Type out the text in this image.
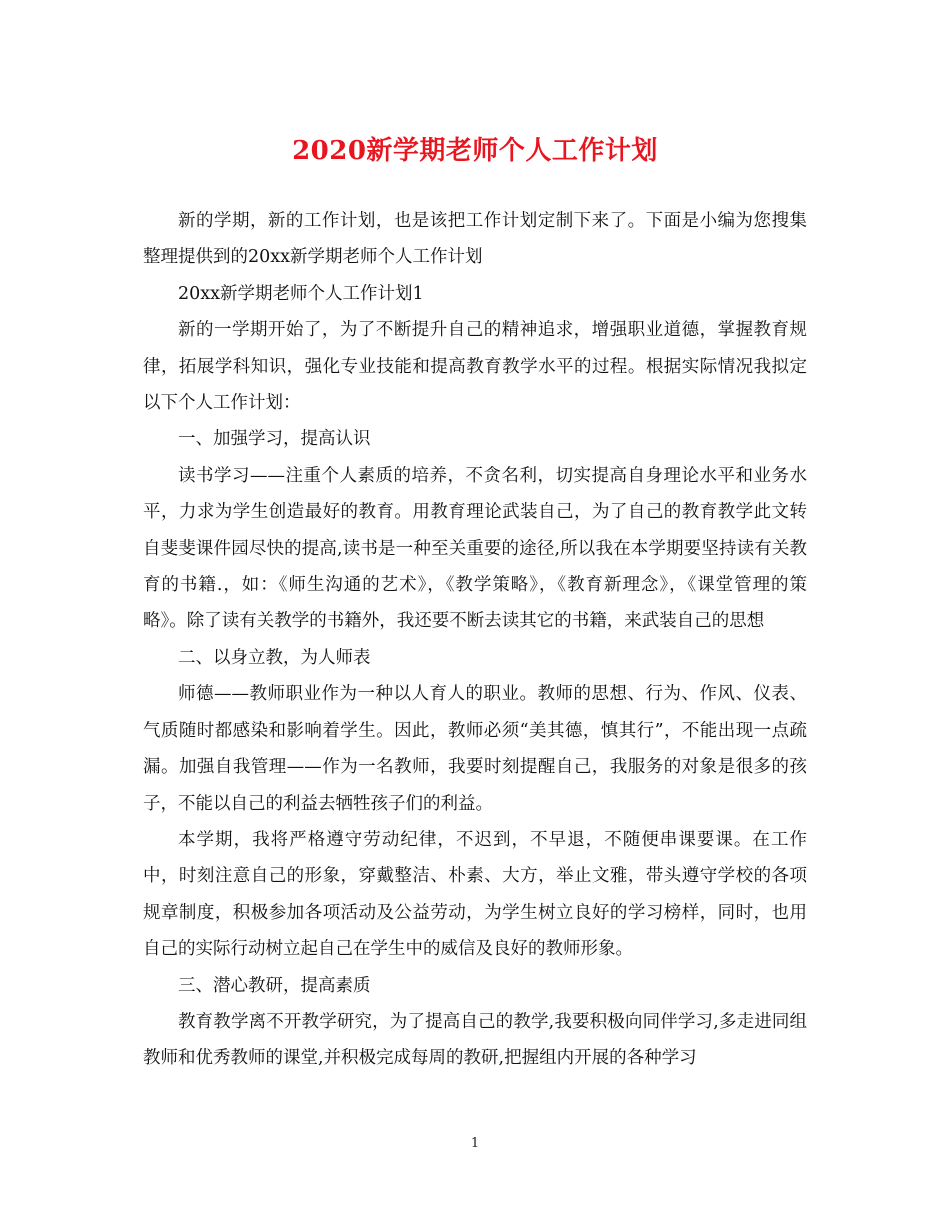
2020新学期老师个人工作计划

新的学期，新的工作计划，也是该把工作计划定制下来了。下面是小编为您搜集整理提供到的20xx新学期老师个人工作计划

20xx新学期老师个人工作计划1

新的一学期开始了，为了不断提升自己的精神追求，增强职业道德，掌握教育规律，拓展学科知识，强化专业技能和提高教育教学水平的过程。根据实际情况我拟定以下个人工作计划：

一、加强学习，提高认识

读书学习——注重个人素质的培养，不贪名利，切实提高自身理论水平和业务水平，力求为学生创造最好的教育。用教育理论武装自己，为了自己的教育教学此文转自斐斐课件园尽快的提高,读书是一种至关重要的途径,所以我在本学期要坚持读有关教育的书籍.，如：《师生沟通的艺术》，《教学策略》，《教育新理念》，《课堂管理的策略》。除了读有关教学的书籍外，我还要不断去读其它的书籍，来武装自己的思想

二、以身立教，为人师表

师德——教师职业作为一种以人育人的职业。教师的思想、行为、作风、仪表、气质随时都感染和影响着学生。因此，教师必须“美其德，慎其行”，不能出现一点疏漏。加强自我管理——作为一名教师，我要时刻提醒自己，我服务的对象是很多的孩子，不能以自己的利益去牺牲孩子们的利益。

本学期，我将严格遵守劳动纪律，不迟到，不早退，不随便串课要课。在工作中，时刻注意自己的形象，穿戴整洁、朴素、大方，举止文雅，带头遵守学校的各项规章制度，积极参加各项活动及公益劳动，为学生树立良好的学习榜样，同时，也用自己的实际行动树立起自己在学生中的威信及良好的教师形象。

三、潜心教研，提高素质

教育教学离不开教学研究，为了提高自己的教学,我要积极向同伴学习,多走进同组教师和优秀教师的课堂,并积极完成每周的教研,把握组内开展的各种学习

1
